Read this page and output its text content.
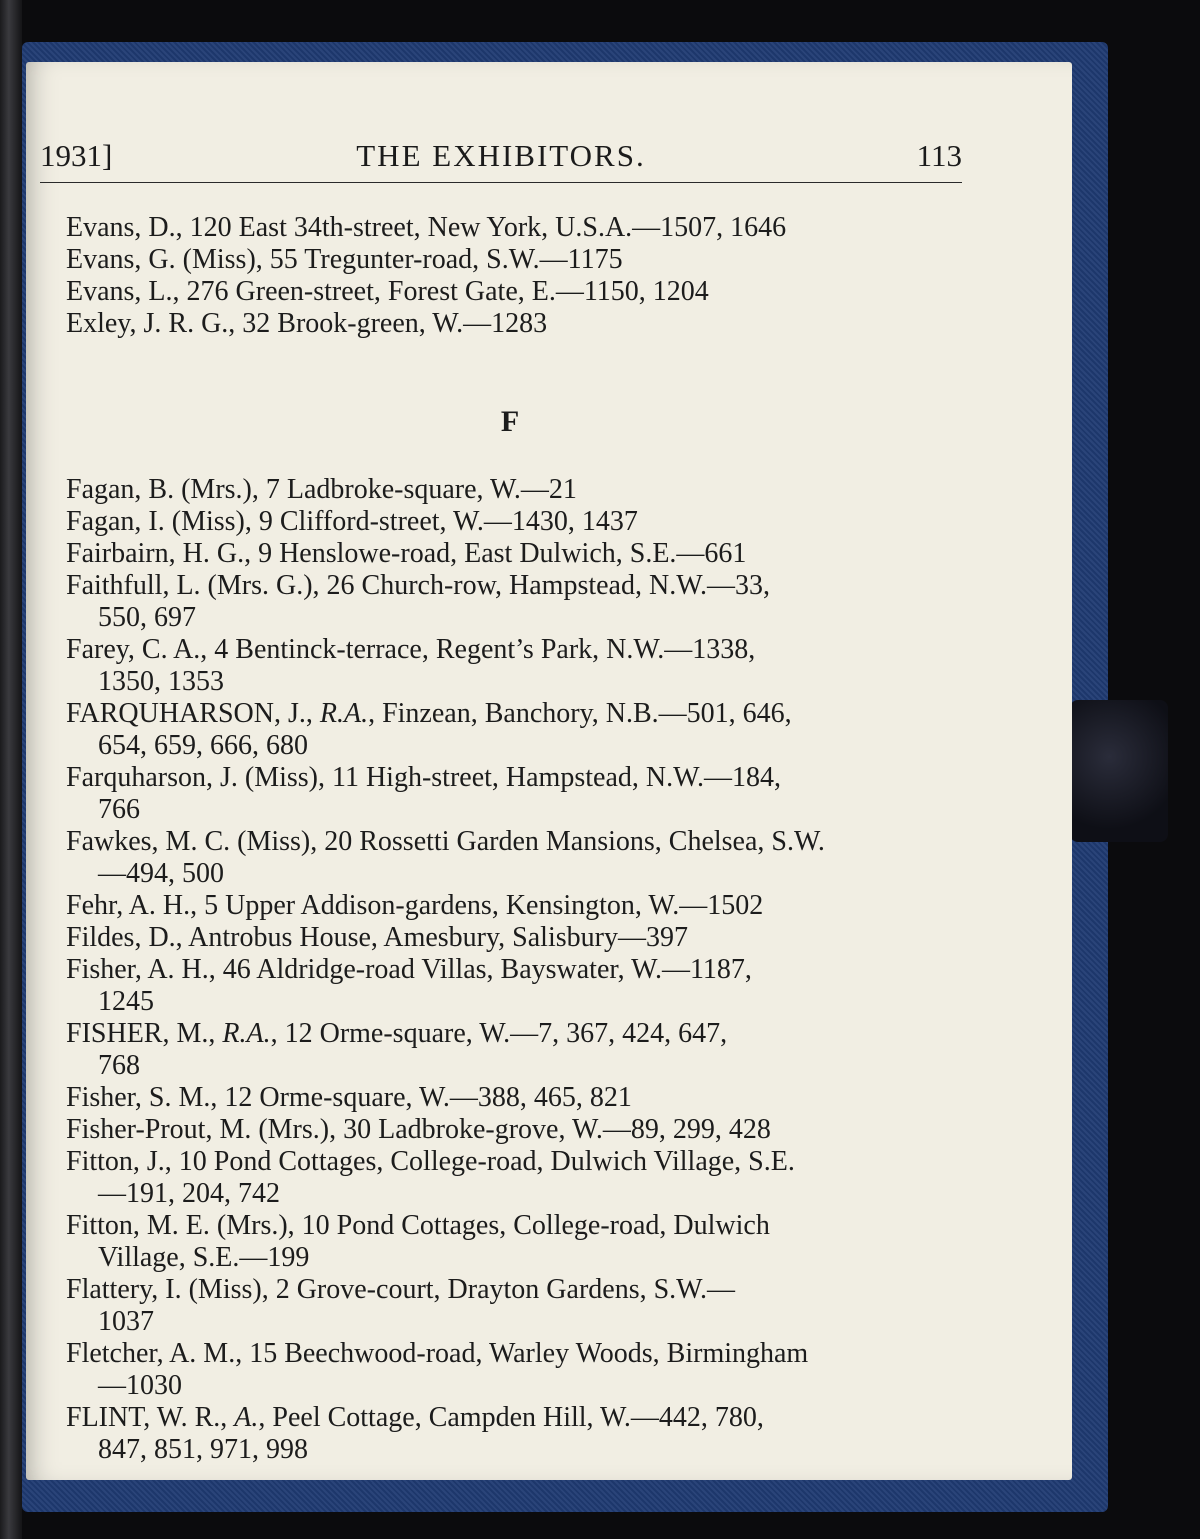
1931]	THE EXHIBITORS.	113

Evans, D., 120 East 34th-street, New York, U.S.A.—1507, 1646

Evans, G. (Miss), 55 Tregunter-road, S.W.—1175

Evans, L., 276 Green-street, Forest Gate, E.—1150, 1204

Exley, J. R. G., 32 Brook-green, W.—1283

F

Fagan, B. (Mrs.), 7 Ladbroke-square, W.—21

Fagan, I. (Miss), 9 Clifford-street, W.—1430, 1437

Fairbairn, H. G., 9 Henslowe-road, East Dulwich, S.E.—661

Faithfull, L. (Mrs. G.), 26 Church-row, Hampstead, N.W.—33,
550, 697

Farey, C. A., 4 Bentinck-terrace, Regent’s Park, N.W.—1338,
1350, 1353

FARQUHARSON, J., R.A., Finzean, Banchory, N.B.—501, 646,
654, 659, 666, 680

Farquharson, J. (Miss), 11 High-street, Hampstead, N.W.—184,
766

Fawkes, M. C. (Miss), 20 Rossetti Garden Mansions, Chelsea, S.W.
—494, 500

Fehr, A. H., 5 Upper Addison-gardens, Kensington, W.—1502

Fildes, D., Antrobus House, Amesbury, Salisbury—397

Fisher, A. H., 46 Aldridge-road Villas, Bayswater, W.—1187,
1245

FISHER, M., R.A., 12 Orme-square, W.—7, 367, 424, 647,
768

Fisher, S. M., 12 Orme-square, W.—388, 465, 821

Fisher-Prout, M. (Mrs.), 30 Ladbroke-grove, W.—89, 299, 428

Fitton, J., 10 Pond Cottages, College-road, Dulwich Village, S.E.
—191, 204, 742

Fitton, M. E. (Mrs.), 10 Pond Cottages, College-road, Dulwich
Village, S.E.—199

Flattery, I. (Miss), 2 Grove-court, Drayton Gardens, S.W.—
1037

Fletcher, A. M., 15 Beechwood-road, Warley Woods, Birmingham
—1030

FLINT, W. R., A., Peel Cottage, Campden Hill, W.—442, 780,
847, 851, 971, 998
